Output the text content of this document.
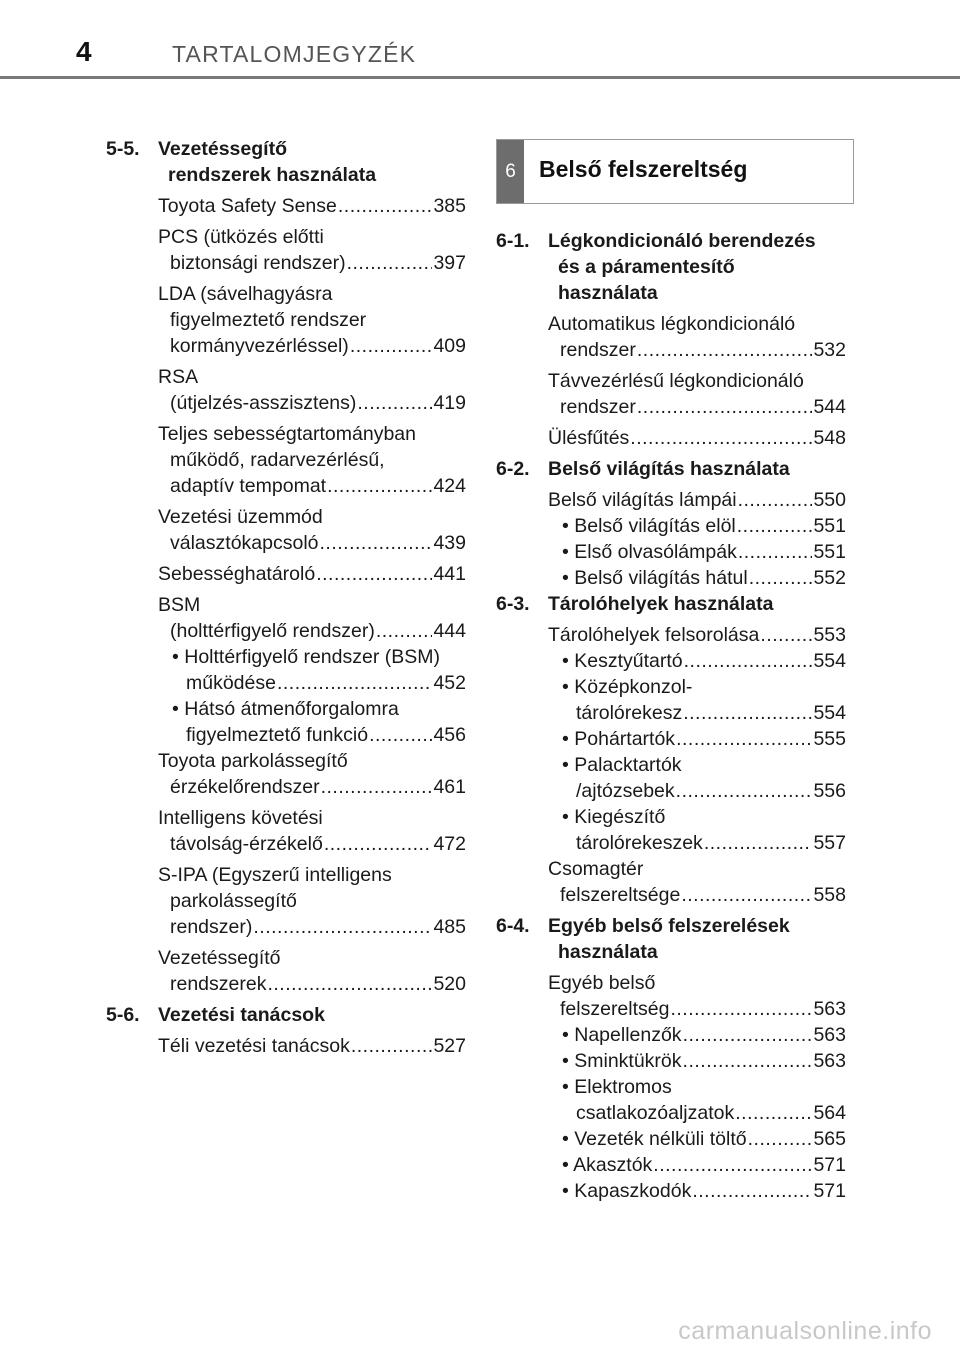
4	TARTALOMJEGYZÉK
6	Belső felszereltség
5-5. Vezetéssegítő
rendszerek használata
Toyota Safety Sense .....	385
PCS (ütközés előtti
biztonsági rendszer) .....	397
LDA (sávelhagyásra
figyelmeztető rendszer
kormányvezérléssel) .....	409
RSA
(útjelzés-asszisztens) .....	419
Teljes sebességtartományban
működő, radarvezérlésű,
adaptív tempomat .....	424
Vezetési üzemmód
választókapcsoló .....	439
Sebességhatároló .....	441
BSM
(holttérfigyelő rendszer) .....	444
• Holttérfigyelő rendszer (BSM)
működése .....	452
• Hátsó átmenőforgalomra
figyelmeztető funkció .....	456
Toyota parkolássegítő
érzékelőrendszer .....	461
Intelligens követési
távolság-érzékelő .....	472
S-IPA (Egyszerű intelligens
parkolássegítő
rendszer) .....	485
Vezetéssegítő
rendszerek .....	520
5-6. Vezetési tanácsok
Téli vezetési tanácsok .....	527
6-1. Légkondicionáló berendezés
és a páramentesítő
használata
Automatikus légkondicionáló
rendszer .....	532
Távvezérlésű légkondicionáló
rendszer .....	544
Ülésfűtés .....	548
6-2. Belső világítás használata
Belső világítás lámpái .....	550
• Belső világítás elöl .....	551
• Első olvasólámpák .....	551
• Belső világítás hátul .....	552
6-3. Tárolóhelyek használata
Tárolóhelyek felsorolása .....	553
• Kesztyűtartó .....	554
• Középkonzol-
tárolórekesz .....	554
• Pohártartók .....	555
• Palacktartók
/ajtózsebek .....	556
• Kiegészítő
tárolórekeszek .....	557
Csomagtér
felszereltsége .....	558
6-4. Egyéb belső felszerelések
használata
Egyéb belső
felszereltség .....	563
• Napellenzők .....	563
• Sminktükrök .....	563
• Elektromos
csatlakozóaljzatok .....	564
• Vezeték nélküli töltő .....	565
• Akasztók .....	571
• Kapaszkodók .....	571
carmanualsonline.info
